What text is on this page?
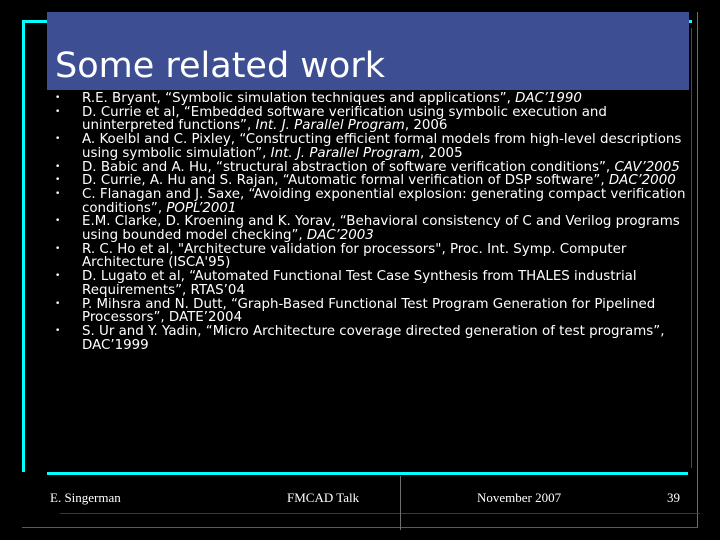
Some related work
• R.E. Bryant, “Symbolic simulation techniques and applications”, DAC’1990
• D. Currie et al, “Embedded software verification using symbolic execution and uninterpreted functions”, Int. J. Parallel Program, 2006
• A. Koelbl and C. Pixley, “Constructing efficient formal models from high-level descriptions using symbolic simulation”, Int. J. Parallel Program, 2005
• D. Babic and A. Hu, “structural abstraction of software verification conditions”, CAV’2005
• D. Currie, A. Hu and S. Rajan, “Automatic formal verification of DSP software”, DAC’2000
• C. Flanagan and J. Saxe, “Avoiding exponential explosion: generating compact verification conditions”, POPL’2001
• E.M. Clarke, D. Kroening and K. Yorav, “Behavioral consistency of C and Verilog programs using bounded model checking”, DAC’2003
• R. C. Ho et al, "Architecture validation for processors", Proc. Int. Symp. Computer Architecture (ISCA'95)
• D. Lugato et al, “Automated Functional Test Case Synthesis from THALES industrial Requirements”, RTAS’04
• P. Mihsra and N. Dutt, “Graph-Based Functional Test Program Generation for Pipelined Processors”, DATE’2004
• S. Ur and Y. Yadin, “Micro Architecture coverage directed generation of test programs”, DAC’1999
E. Singerman	FMCAD Talk	November 2007	39
